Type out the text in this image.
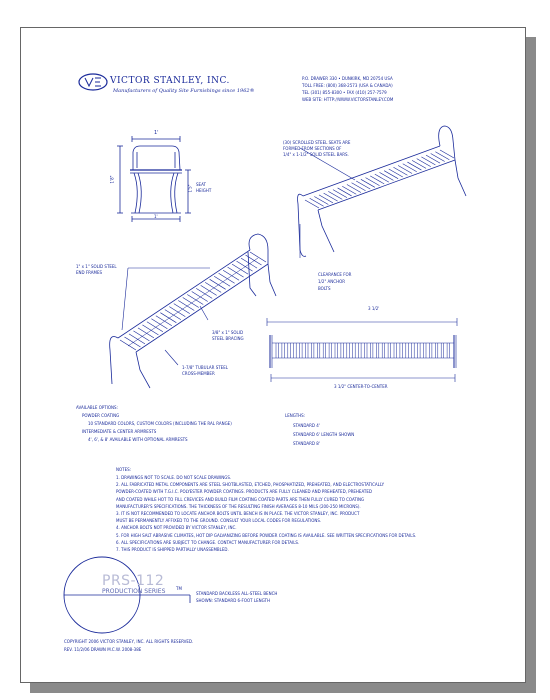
VICTOR STANLEY, INC.
Manufacturers of Quality Site Furnishings since 1962®
P.O. DRAWER 330 • DUNKIRK, MD 20754 USA
TOLL FREE: (800) 368-2573 (USA & CANADA)
TEL (301) 855-8300 • FAX (410) 257-7579
WEB SITE: HTTP://WWW.VICTORSTANLEY.COM
1'
1'8"
1'5"
1'
SEAT
HEIGHT
(30) SCROLLED STEEL SEATS ARE
FORMED FROM SECTIONS OF
1/4" x 1-1/2" SOLID STEEL BARS.
CLEARANCE FOR
1/2" ANCHOR
BOLTS
1" x 1" SOLID STEEL
END FRAMES
3/8" x 1" SOLID
STEEL BRACING
1-7/8" TUBULAR STEEL
CROSS-MEMBER
3 1/2'
3 1/2" CENTER-TO-CENTER
AVAILABLE OPTIONS:
POWDER COATING
10 STANDARD COLORS, CUSTOM COLORS (INCLUDING THE RAL RANGE)
INTERMEDIATE & CENTER ARMRESTS
4', 6', & 8' AVAILABLE WITH OPTIONAL ARMRESTS
LENGTHS:
STANDARD 4'
STANDARD 6' LENGTH SHOWN
STANDARD 8'
NOTES:
1. DRAWINGS NOT TO SCALE. DO NOT SCALE DRAWINGS.
2. ALL FABRICATED METAL COMPONENTS ARE STEEL SHOTBLASTED, ETCHED, PHOSPHATIZED, PREHEATED, AND ELECTROSTATICALLY
POWDER-COATED WITH T.G.I.C. POLYESTER POWDER COATINGS. PRODUCTS ARE FULLY CLEANED AND PREHEATED, PREHEATED
AND COATED WHILE HOT TO FILL CREVICES AND BUILD FILM COATING COATED PARTS ARE THEN FULLY CURED TO COATING
MANUFACTURER'S SPECIFICATIONS. THE THICKNESS OF THE RESULTING FINISH AVERAGES 8-10 MILS (200-250 MICRONS).
3. IT IS NOT RECOMMENDED TO LOCATE ANCHOR BOLTS UNTIL BENCH IS IN PLACE. THE VICTOR STANLEY, INC. PRODUCT
MUST BE PERMANENTLY AFFIXED TO THE GROUND. CONSULT YOUR LOCAL CODES FOR REGULATIONS.
4. ANCHOR BOLTS NOT PROVIDED BY VICTOR STANLEY, INC.
5. FOR HIGH SALT ABRASIVE CLIMATES, HOT DIP GALVANIZING BEFORE POWDER COATING IS AVAILABLE. SEE WRITTEN SPECIFICATIONS FOR DETAILS.
6. ALL SPECIFICATIONS ARE SUBJECT TO CHANGE. CONTACT MANUFACTURER FOR DETAILS.
7. THIS PRODUCT IS SHIPPED PARTIALLY UNASSEMBLED.
PRS-112
PRODUCTION SERIES	TM
STANDARD BACKLESS ALL-STEEL BENCH
SHOWN: STANDARD 6-FOOT LENGTH
COPYRIGHT 2006 VICTOR STANLEY, INC. ALL RIGHTS RESERVED.
REV. 11/2/06 DRAWN M.C.W. 2008-38E
